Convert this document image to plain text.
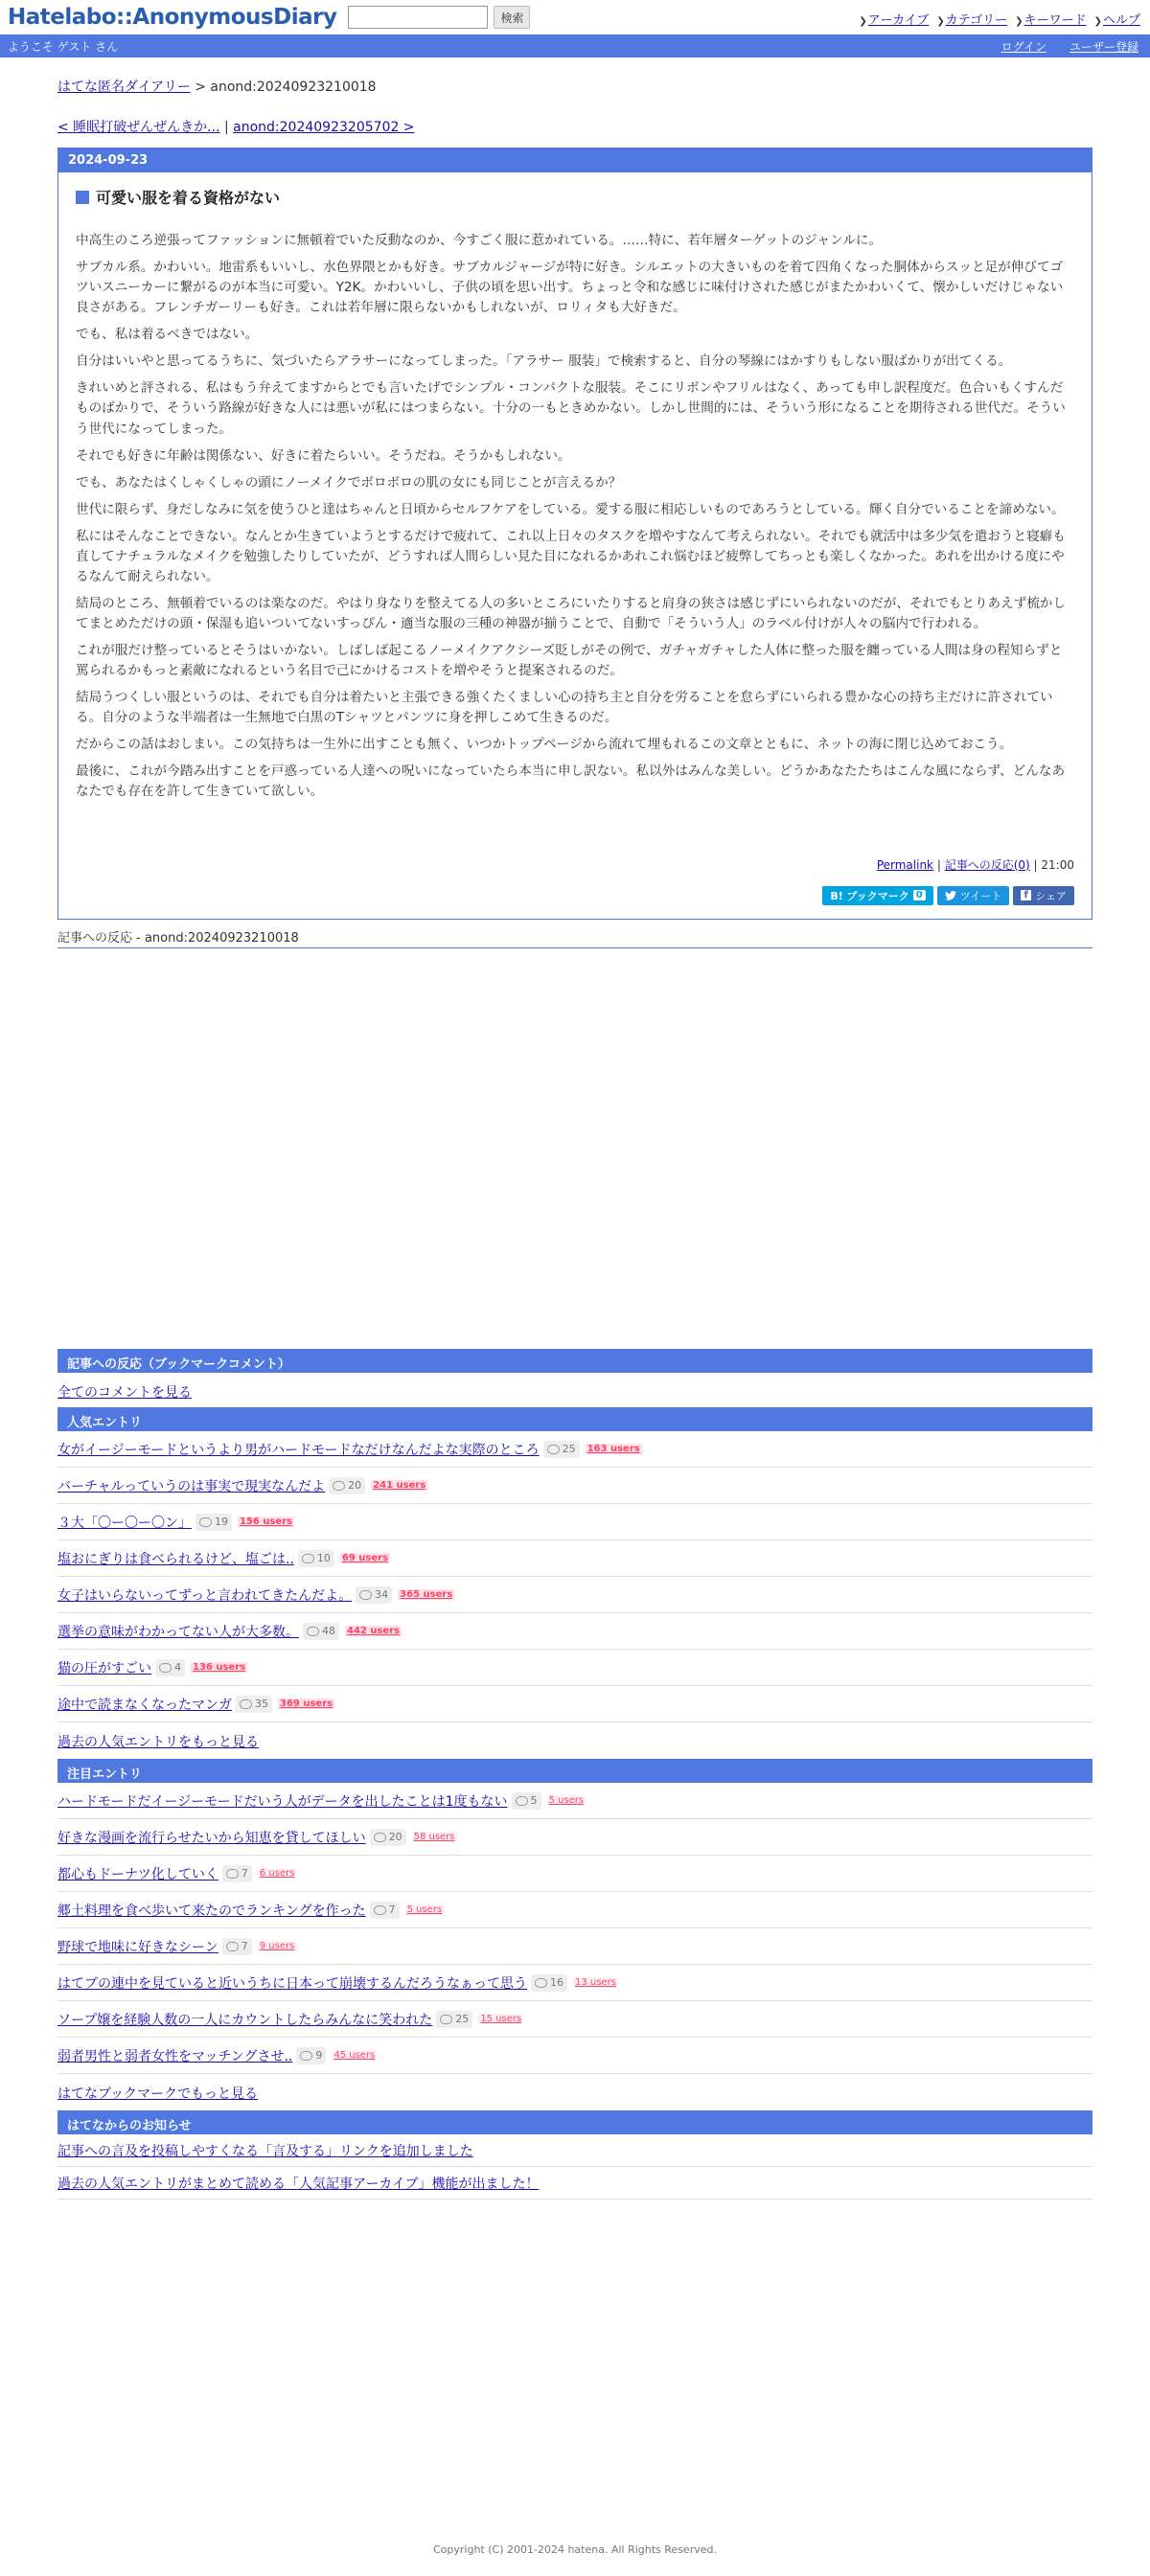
Hatelabo::AnonymousDiary	検索	❯アーカイブ ❯カテゴリー ❯キーワード ❯ヘルプ
ようこそ ゲスト さん	ログイン ユーザー登録
はてな匿名ダイアリー > anond:20240923210018
< 睡眠打破ぜんぜんきか... | anond:20240923205702 >
2024-09-23
可愛い服を着る資格がない

中高生のころ逆張ってファッションに無頓着でいた反動なのか、今すごく服に惹かれている。……特に、若年層ターゲットのジャンルに。

サブカル系。かわいい。地雷系もいいし、水色界隈とかも好き。サブカルジャージが特に好き。シルエットの大きいものを着て四角くなった胴体からスッと足が伸びてゴツいスニーカーに繋がるのが本当に可愛い。Y2K。かわいいし、子供の頃を思い出す。ちょっと令和な感じに味付けされた感じがまたかわいくて、懐かしいだけじゃない良さがある。フレンチガーリーも好き。これは若年層に限らないかもしれないが、ロリィタも大好きだ。

でも、私は着るべきではない。

自分はいいやと思ってるうちに、気づいたらアラサーになってしまった。「アラサー 服装」で検索すると、自分の琴線にはかすりもしない服ばかりが出てくる。

きれいめと評される、私はもう弁えてますからとでも言いたげでシンプル・コンパクトな服装。そこにリボンやフリルはなく、あっても申し訳程度だ。色合いもくすんだものばかりで、そういう路線が好きな人には悪いが私にはつまらない。十分の一もときめかない。しかし世間的には、そういう形になることを期待される世代だ。そういう世代になってしまった。

それでも好きに年齢は関係ない、好きに着たらいい。そうだね。そうかもしれない。

でも、あなたはくしゃくしゃの頭にノーメイクでボロボロの肌の女にも同じことが言えるか？

世代に限らず、身だしなみに気を使うひと達はちゃんと日頃からセルフケアをしている。愛する服に相応しいものであろうとしている。輝く自分でいることを諦めない。

私にはそんなことできない。なんとか生きていようとするだけで疲れて、これ以上日々のタスクを増やすなんて考えられない。それでも就活中は多少気を遣おうと寝癖も直してナチュラルなメイクを勉強したりしていたが、どうすれば人間らしい見た目になれるかあれこれ悩むほど疲弊してちっとも楽しくなかった。あれを出かける度にやるなんて耐えられない。

結局のところ、無頓着でいるのは楽なのだ。やはり身なりを整えてる人の多いところにいたりすると肩身の狭さは感じずにいられないのだが、それでもとりあえず梳かしてまとめただけの頭・保湿も追いついてないすっぴん・適当な服の三種の神器が揃うことで、自動で「そういう人」のラベル付けが人々の脳内で行われる。

これが服だけ整っているとそうはいかない。しばしば起こるノーメイクアクシーズ貶しがその例で、ガチャガチャした人体に整った服を纏っている人間は身の程知らずと罵られるかもっと素敵になれるという名目で己にかけるコストを増やそうと提案されるのだ。

結局うつくしい服というのは、それでも自分は着たいと主張できる強くたくましい心の持ち主と自分を労ることを怠らずにいられる豊かな心の持ち主だけに許されている。自分のような半端者は一生無地で白黒のTシャツとパンツに身を押しこめて生きるのだ。

だからこの話はおしまい。この気持ちは一生外に出すことも無く、いつかトップページから流れて埋もれるこの文章とともに、ネットの海に閉じ込めておこう。

最後に、これが今踏み出すことを戸惑っている人達への呪いになっていたら本当に申し訳ない。私以外はみんな美しい。どうかあなたたちはこんな風にならず、どんなあなたでも存在を許して生きていて欲しい。

Permalink | 記事への反応(0) | 21:00
B! ブックマーク 0	ツイート	f シェア
記事への反応 - anond:20240923210018
記事への反応（ブックマークコメント）
全てのコメントを見る
人気エントリ
女がイージーモードというより男がハードモードなだけなんだよな実際のところ 25 163 users
バーチャルっていうのは事実で現実なんだよ 20 241 users
３大「〇ー〇ー〇ン」 19 156 users
塩おにぎりは食べられるけど、塩ごは.. 10 69 users
女子はいらないってずっと言われてきたんだよ。 34 365 users
選挙の意味がわかってない人が大多数。 48 442 users
猫の圧がすごい 4 136 users
途中で読まなくなったマンガ 35 369 users
過去の人気エントリをもっと見る
注目エントリ
ハードモードだイージーモードだいう人がデータを出したことは1度もない 5 5 users
好きな漫画を流行らせたいから知恵を貸してほしい 20 58 users
都心もドーナツ化していく 7 6 users
郷土料理を食べ歩いて来たのでランキングを作った 7 5 users
野球で地味に好きなシーン 7 9 users
はてブの連中を見ていると近いうちに日本って崩壊するんだろうなぁって思う 16 13 users
ソープ嬢を経験人数の一人にカウントしたらみんなに笑われた 25 15 users
弱者男性と弱者女性をマッチングさせ.. 9 45 users
はてなブックマークでもっと見る
はてなからのお知らせ
記事への言及を投稿しやすくなる「言及する」リンクを追加しました
過去の人気エントリがまとめて読める「人気記事アーカイブ」機能が出ました！
Copyright (C) 2001-2024 hatena. All Rights Reserved.
